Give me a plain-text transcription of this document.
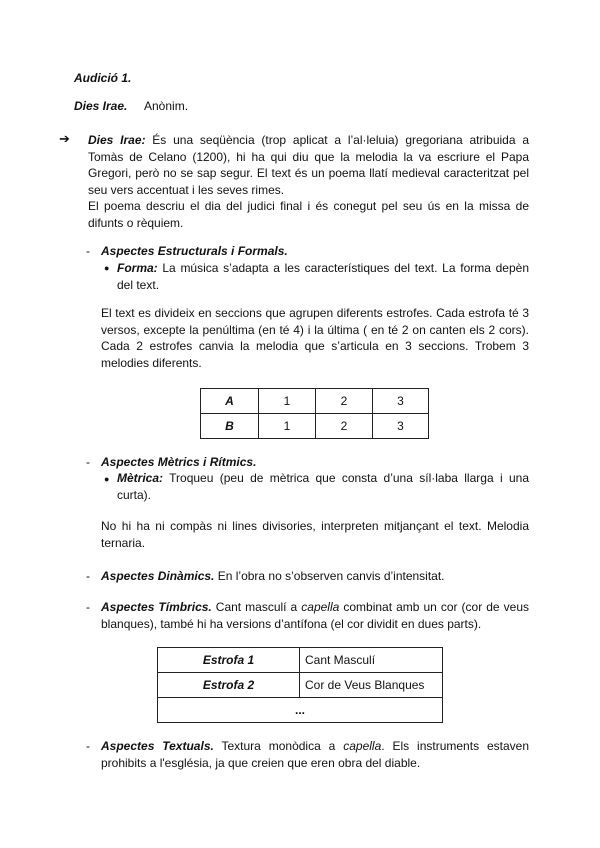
Audició 1.
Dies Irae. Anònim.
➔ Dies Irae: És una seqüència (trop aplicat a l’al·leluia) gregoriana atribuida a Tomàs de Celano (1200), hi ha qui diu que la melodia la va escriure el Papa Gregori, però no se sap segur. El text és un poema llatí medieval caracteritzat pel seu vers accentuat i les seves rimes.
El poema descriu el dia del judici final i és conegut pel seu ús en la missa de difunts o rèquiem.
- Aspectes Estructurals i Formals.
● Forma: La música s’adapta a les característiques del text. La forma depèn del text.
El text es divideix en seccions que agrupen diferents estrofes. Cada estrofa té 3 versos, excepte la penúltima (en té 4) i la última ( en té 2 on canten els 2 cors). Cada 2 estrofes canvia la melodia que s’articula en 3 seccions. Trobem 3 melodies diferents.
A	1	2	3
B	1	2	3
- Aspectes Mètrics i Rítmics.
● Mètrica: Troqueu (peu de mètrica que consta d’una síl·laba llarga i una curta).
No hi ha ni compàs ni lines divisories, interpreten mitjançant el text. Melodia ternaria.
- Aspectes Dinàmics. En l’obra no s’observen canvis d’intensitat.
- Aspectes Tímbrics. Cant masculí a capella combinat amb un cor (cor de veus blanques), també hi ha versions d’antífona (el cor dividit en dues parts).
Estrofa 1	Cant Masculí
Estrofa 2	Cor de Veus Blanques
...	
- Aspectes Textuals. Textura monòdica a capella. Els instruments estaven prohibits a l'església, ja que creien que eren obra del diable.
